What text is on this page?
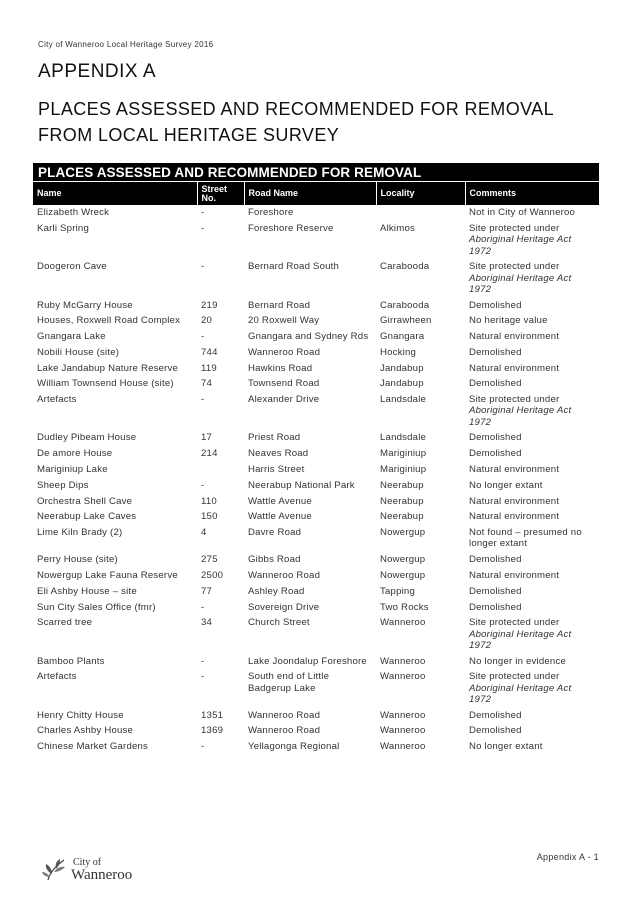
City of Wanneroo Local Heritage Survey 2016
APPENDIX A
PLACES ASSESSED AND RECOMMENDED FOR REMOVAL
FROM LOCAL HERITAGE SURVEY
PLACES ASSESSED AND RECOMMENDED FOR REMOVAL
Name	Street No.	Road Name	Locality	Comments
Elizabeth Wreck	-	Foreshore		Not in City of Wanneroo
Karli Spring	-	Foreshore Reserve	Alkimos	Site protected under
Aboriginal Heritage Act 1972
Doogeron Cave	-	Bernard Road South	Carabooda	Site protected under
Aboriginal Heritage Act 1972
Ruby McGarry House	219	Bernard Road	Carabooda	Demolished
Houses, Roxwell Road Complex	20	20 Roxwell Way	Girrawheen	No heritage value
Gnangara Lake	-	Gnangara and Sydney Rds	Gnangara	Natural environment
Nobili House (site)	744	Wanneroo Road	Hocking	Demolished
Lake Jandabup Nature Reserve	119	Hawkins Road	Jandabup	Natural environment
William Townsend House (site)	74	Townsend Road	Jandabup	Demolished
Artefacts	-	Alexander Drive	Landsdale	Site protected under
Aboriginal Heritage Act 1972
Dudley Pibeam House	17	Priest Road	Landsdale	Demolished
De amore House	214	Neaves Road	Mariginiup	Demolished
Mariginiup Lake		Harris Street	Mariginiup	Natural environment
Sheep Dips	-	Neerabup National Park	Neerabup	No longer extant
Orchestra Shell Cave	110	Wattle Avenue	Neerabup	Natural environment
Neerabup Lake Caves	150	Wattle Avenue	Neerabup	Natural environment
Lime Kiln Brady (2)	4	Davre Road	Nowergup	Not found – presumed no longer extant
Perry House (site)	275	Gibbs Road	Nowergup	Demolished
Nowergup Lake Fauna Reserve	2500	Wanneroo Road	Nowergup	Natural environment
Eli Ashby House – site	77	Ashley Road	Tapping	Demolished
Sun City Sales Office (fmr)	-	Sovereign Drive	Two Rocks	Demolished
Scarred tree	34	Church Street	Wanneroo	Site protected under
Aboriginal Heritage Act 1972
Bamboo Plants	-	Lake Joondalup Foreshore	Wanneroo	No longer in evidence
Artefacts	-	South end of Little Badgerup Lake	Wanneroo	Site protected under
Aboriginal Heritage Act 1972
Henry Chitty House	1351	Wanneroo Road	Wanneroo	Demolished
Charles Ashby House	1369	Wanneroo Road	Wanneroo	Demolished
Chinese Market Gardens	-	Yellagonga Regional	Wanneroo	No longer extant
City of
Wanneroo
Appendix A - 1
